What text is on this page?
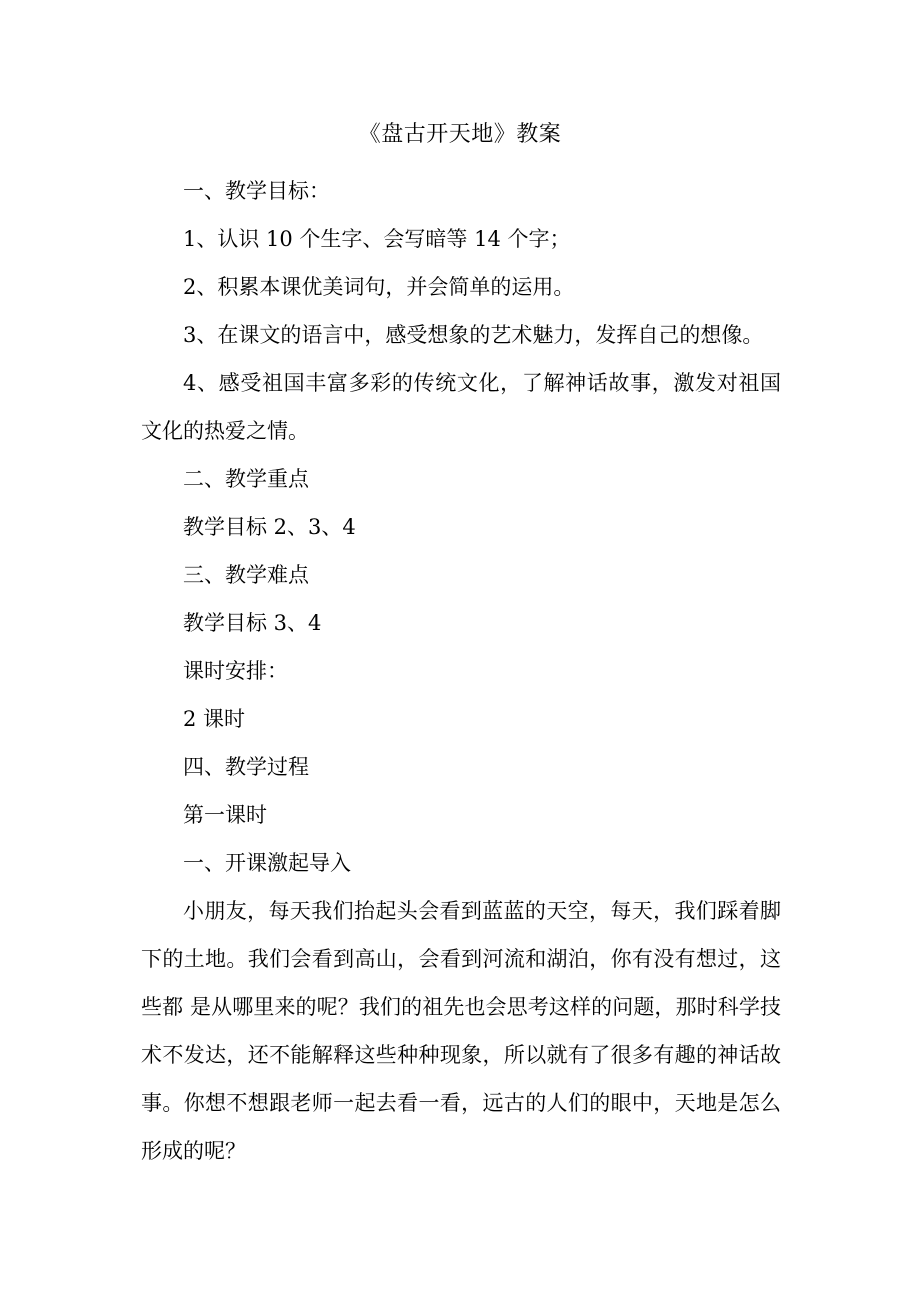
《盘古开天地》教案

一、教学目标：

1、认识 10 个生字、会写暗等 14 个字；

2、积累本课优美词句，并会简单的运用。

3、在课文的语言中，感受想象的艺术魅力，发挥自己的想像。

4、感受祖国丰富多彩的传统文化，了解神话故事，激发对祖国文化的热爱之情。

二、教学重点

教学目标 2、3、4

三、教学难点

教学目标 3、4

课时安排：

2 课时

四、教学过程

第一课时

一、开课激起导入

小朋友，每天我们抬起头会看到蓝蓝的天空，每天，我们踩着脚下的土地。我们会看到高山，会看到河流和湖泊，你有没有想过，这些都 是从哪里来的呢？我们的祖先也会思考这样的问题，那时科学技术不发达，还不能解释这些种种现象，所以就有了很多有趣的神话故事。你想不想跟老师一起去看一看，远古的人们的眼中，天地是怎么形成的呢？
